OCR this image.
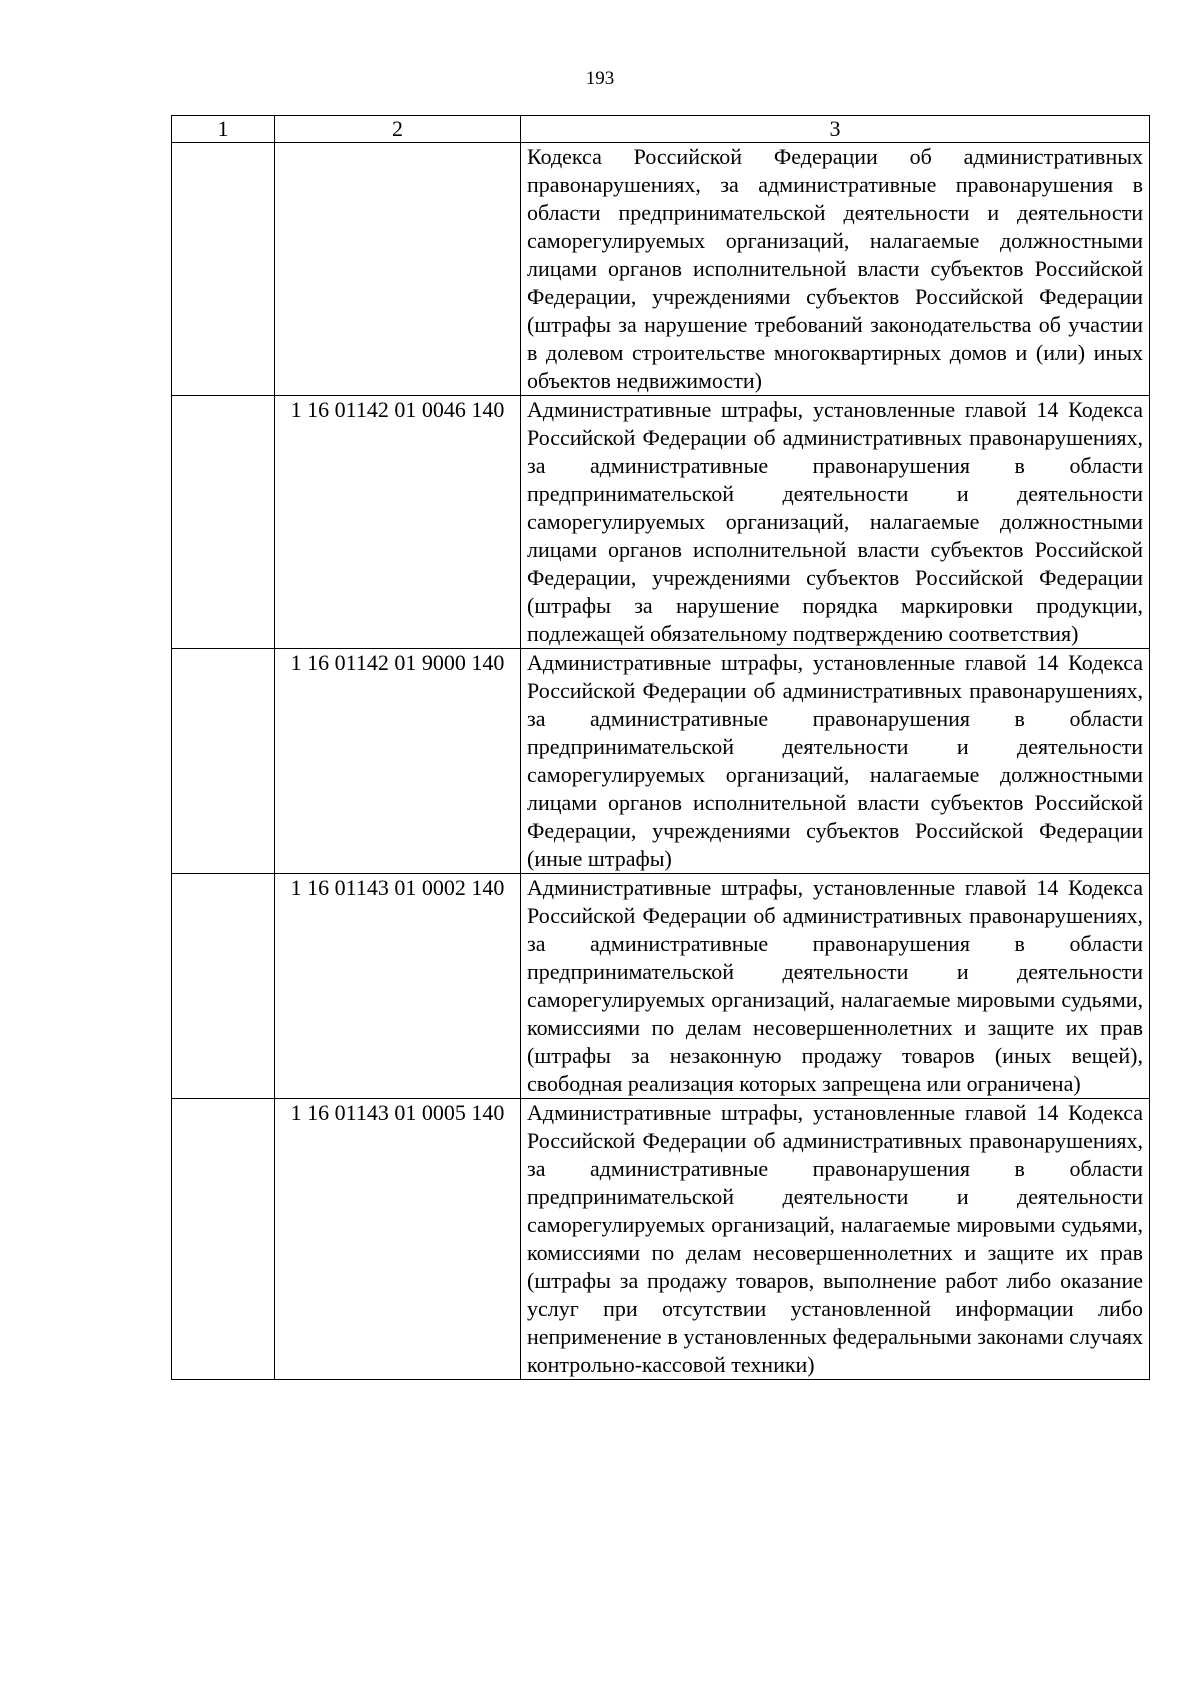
193
1	2	3
		Кодекса Российской Федерации об административных правонарушениях, за административные правонарушения в области предпринимательской деятельности и деятельности саморегулируемых организаций, налагаемые должностными лицами органов исполнительной власти субъектов Российской Федерации, учреждениями субъектов Российской Федерации (штрафы за нарушение требований законодательства об участии в долевом строительстве многоквартирных домов и (или) иных объектов недвижимости)
	1 16 01142 01 0046 140	Административные штрафы, установленные главой 14 Кодекса Российской Федерации об административных правонарушениях, за административные правонарушения в области предпринимательской деятельности и деятельности саморегулируемых организаций, налагаемые должностными лицами органов исполнительной власти субъектов Российской Федерации, учреждениями субъектов Российской Федерации (штрафы за нарушение порядка маркировки продукции, подлежащей обязательному подтверждению соответствия)
	1 16 01142 01 9000 140	Административные штрафы, установленные главой 14 Кодекса Российской Федерации об административных правонарушениях, за административные правонарушения в области предпринимательской деятельности и деятельности саморегулируемых организаций, налагаемые должностными лицами органов исполнительной власти субъектов Российской Федерации, учреждениями субъектов Российской Федерации (иные штрафы)
	1 16 01143 01 0002 140	Административные штрафы, установленные главой 14 Кодекса Российской Федерации об административных правонарушениях, за административные правонарушения в области предпринимательской деятельности и деятельности саморегулируемых организаций, налагаемые мировыми судьями, комиссиями по делам несовершеннолетних и защите их прав (штрафы за незаконную продажу товаров (иных вещей), свободная реализация которых запрещена или ограничена)
	1 16 01143 01 0005 140	Административные штрафы, установленные главой 14 Кодекса Российской Федерации об административных правонарушениях, за административные правонарушения в области предпринимательской деятельности и деятельности саморегулируемых организаций, налагаемые мировыми судьями, комиссиями по делам несовершеннолетних и защите их прав (штрафы за продажу товаров, выполнение работ либо оказание услуг при отсутствии установленной информации либо неприменение в установленных федеральными законами случаях контрольно-кассовой техники)
